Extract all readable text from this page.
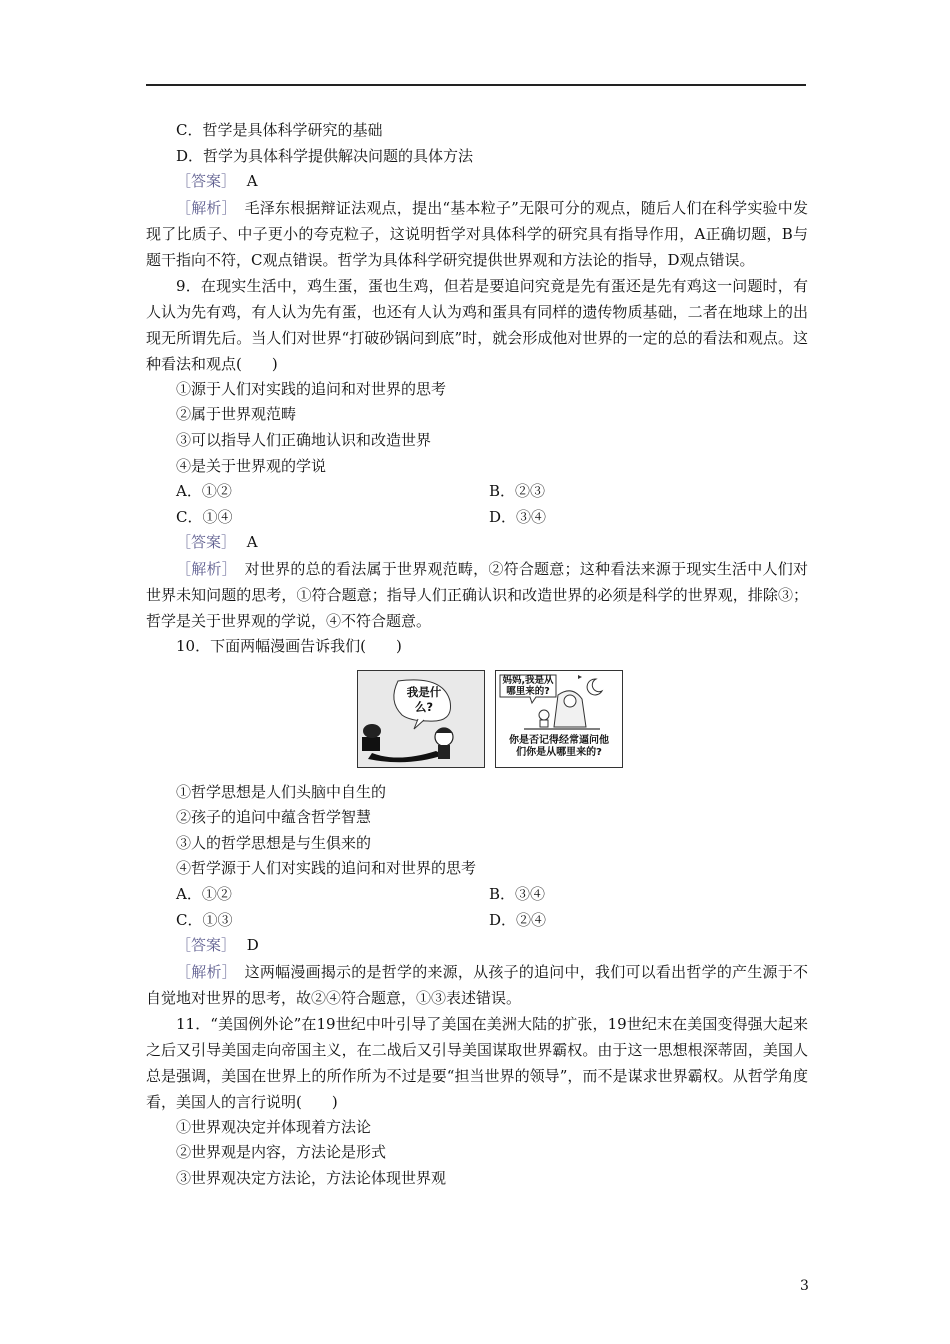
C．哲学是具体科学研究的基础
D．哲学为具体科学提供解决问题的具体方法
［答案］ A
［解析］　 毛泽东根据辩证法观点，提出“基本粒子”无限可分的观点，随后人们在科学实验中发现了比质子、中子更小的夸克粒子，这说明哲学对具体科学的研究具有指导作用，A正确切题，B与题干指向不符，C观点错误。哲学为具体科学研究提供世界观和方法论的指导，D观点错误。
9．在现实生活中，鸡生蛋，蛋也生鸡，但若是要追问究竟是先有蛋还是先有鸡这一问题时，有人认为先有鸡，有人认为先有蛋，也还有人认为鸡和蛋具有同样的遗传物质基础，二者在地球上的出现无所谓先后。当人们对世界“打破砂锅问到底”时，就会形成他对世界的一定的总的看法和观点。这种看法和观点(　　)
①源于人们对实践的追问和对世界的思考
②属于世界观范畴
③可以指导人们正确地认识和改造世界
④是关于世界观的学说
A．①②	B．②③
C．①④	D．③④
［答案］ A
［解析］　 对世界的总的看法属于世界观范畴，②符合题意；这种看法来源于现实生活中人们对世界未知问题的思考，①符合题意；指导人们正确认识和改造世界的必须是科学的世界观，排除③；哲学是关于世界观的学说，④不符合题意。
10．下面两幅漫画告诉我们(　　)
我是什么?
妈妈,我是从哪里来的?
你是否记得经常逼问他们你是从哪里来的?
①哲学思想是人们头脑中自生的
②孩子的追问中蕴含哲学智慧
③人的哲学思想是与生俱来的
④哲学源于人们对实践的追问和对世界的思考
A．①②	B．③④
C．①③	D．②④
［答案］ D
［解析］　 这两幅漫画揭示的是哲学的来源，从孩子的追问中，我们可以看出哲学的产生源于不自觉地对世界的思考，故②④符合题意，①③表述错误。
11．“美国例外论”在19世纪中叶引导了美国在美洲大陆的扩张，19世纪末在美国变得强大起来之后又引导美国走向帝国主义，在二战后又引导美国谋取世界霸权。由于这一思想根深蒂固，美国人总是强调，美国在世界上的所作所为不过是要“担当世界的领导”，而不是谋求世界霸权。从哲学角度看，美国人的言行说明(　　)
①世界观决定并体现着方法论
②世界观是内容，方法论是形式
③世界观决定方法论，方法论体现世界观
3
